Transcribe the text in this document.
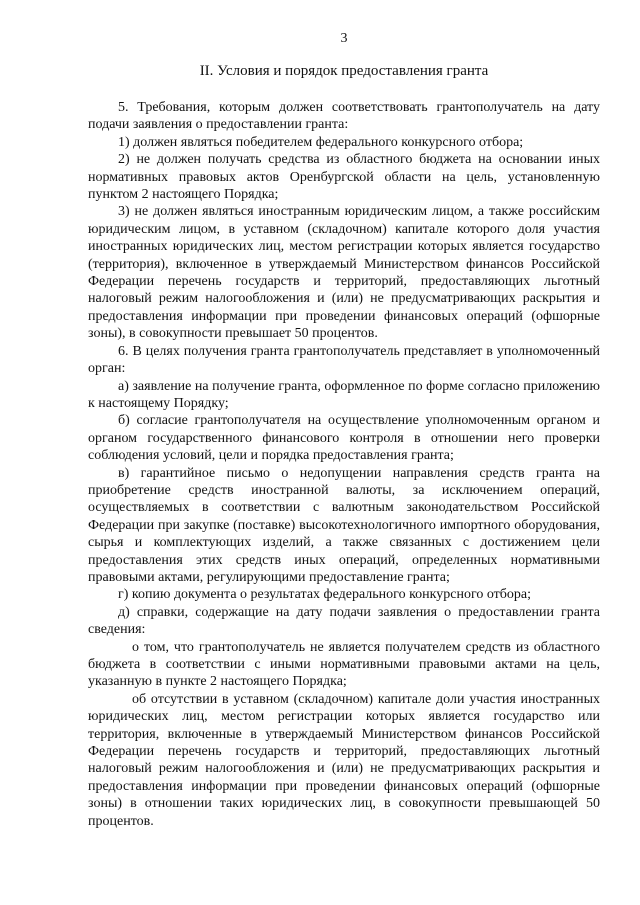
3
II. Условия и порядок предоставления гранта

5. Требования, которым должен соответствовать грантополучатель на дату подачи заявления о предоставлении гранта:

1) должен являться победителем федерального конкурсного отбора;

2) не должен получать средства из областного бюджета на основании иных нормативных правовых актов Оренбургской области на цель, установленную пунктом 2 настоящего Порядка;

3) не должен являться иностранным юридическим лицом, а также российским юридическим лицом, в уставном (складочном) капитале которого доля участия иностранных юридических лиц, местом регистрации которых является государство (территория), включенное в утверждаемый Министерством финансов Российской Федерации перечень государств и территорий, предоставляющих льготный налоговый режим налогообложения и (или) не предусматривающих раскрытия и предоставления информации при проведении финансовых операций (офшорные зоны), в совокупности превышает 50 процентов.

6. В целях получения гранта грантополучатель представляет в уполномоченный орган:

а) заявление на получение гранта, оформленное по форме согласно приложению к настоящему Порядку;

б) согласие грантополучателя на осуществление уполномоченным органом и органом государственного финансового контроля в отношении него проверки соблюдения условий, цели и порядка предоставления гранта;

в) гарантийное письмо о недопущении направления средств гранта на приобретение средств иностранной валюты, за исключением операций, осуществляемых в соответствии с валютным законодательством Российской Федерации при закупке (поставке) высокотехнологичного импортного оборудования, сырья и комплектующих изделий, а также связанных с достижением цели предоставления этих средств иных операций, определенных нормативными правовыми актами, регулирующими предоставление гранта;

г) копию документа о результатах федерального конкурсного отбора;

д) справки, содержащие на дату подачи заявления о предоставлении гранта сведения:

о том, что грантополучатель не является получателем средств из областного бюджета в соответствии с иными нормативными правовыми актами на цель, указанную в пункте 2 настоящего Порядка;

об отсутствии в уставном (складочном) капитале доли участия иностранных юридических лиц, местом регистрации которых является государство или территория, включенные в утверждаемый Министерством финансов Российской Федерации перечень государств и территорий, предоставляющих льготный налоговый режим налогообложения и (или) не предусматривающих раскрытия и предоставления информации при проведении финансовых операций (офшорные зоны) в отношении таких юридических лиц, в совокупности превышающей 50 процентов.
